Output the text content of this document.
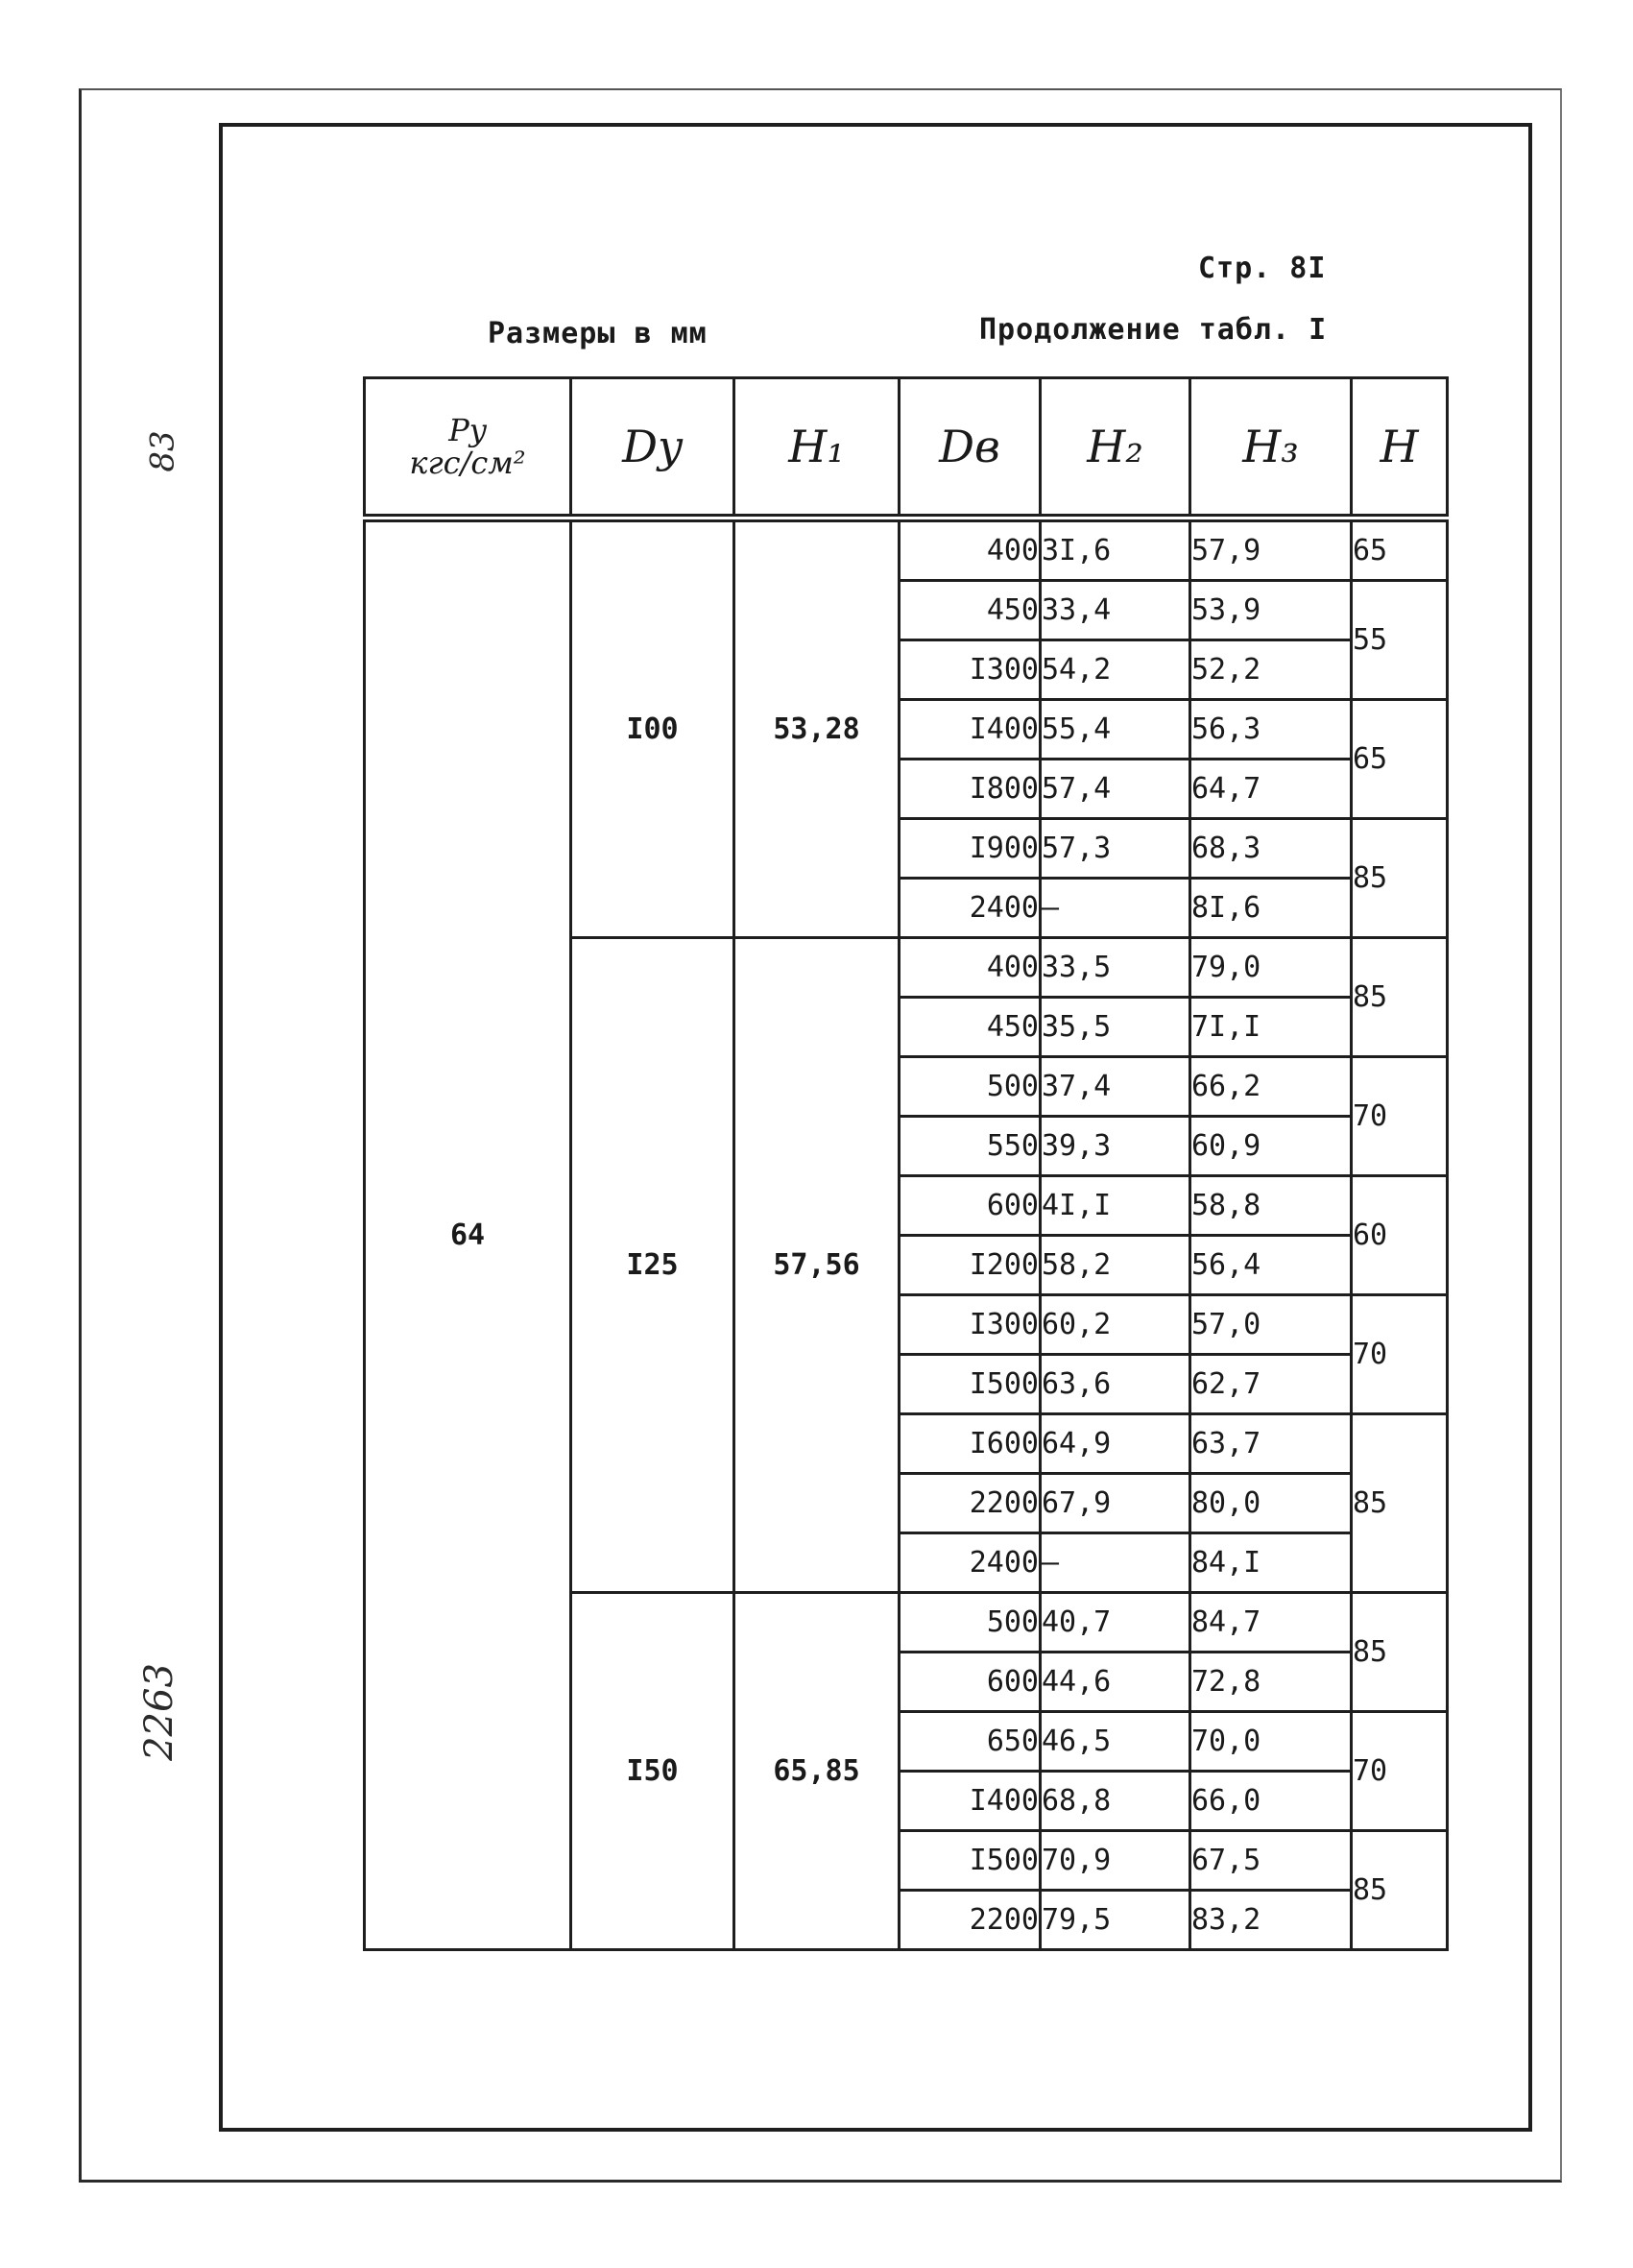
83
2263
Стр. 8I
Продолжение табл. I
Размеры в мм
Py
кгс/см²	Dy	H₁	Dв	H₂	H₃	H
64	I00	53,28	400	3I,6	57,9	65
			450	33,4	53,9	55
			I300	54,2	52,2	
			I400	55,4	56,3	65
			I800	57,4	64,7	
			I900	57,3	68,3	85
			2400	—	8I,6	
	I25	57,56	400	33,5	79,0	85
			450	35,5	7I,I	
			500	37,4	66,2	70
			550	39,3	60,9	
			600	4I,I	58,8	60
			I200	58,2	56,4	
			I300	60,2	57,0	70
			I500	63,6	62,7	
			I600	64,9	63,7	85
			2200	67,9	80,0	
			2400	—	84,I	
	I50	65,85	500	40,7	84,7	85
			600	44,6	72,8	
			650	46,5	70,0	70
			I400	68,8	66,0	
			I500	70,9	67,5	85
			2200	79,5	83,2	
